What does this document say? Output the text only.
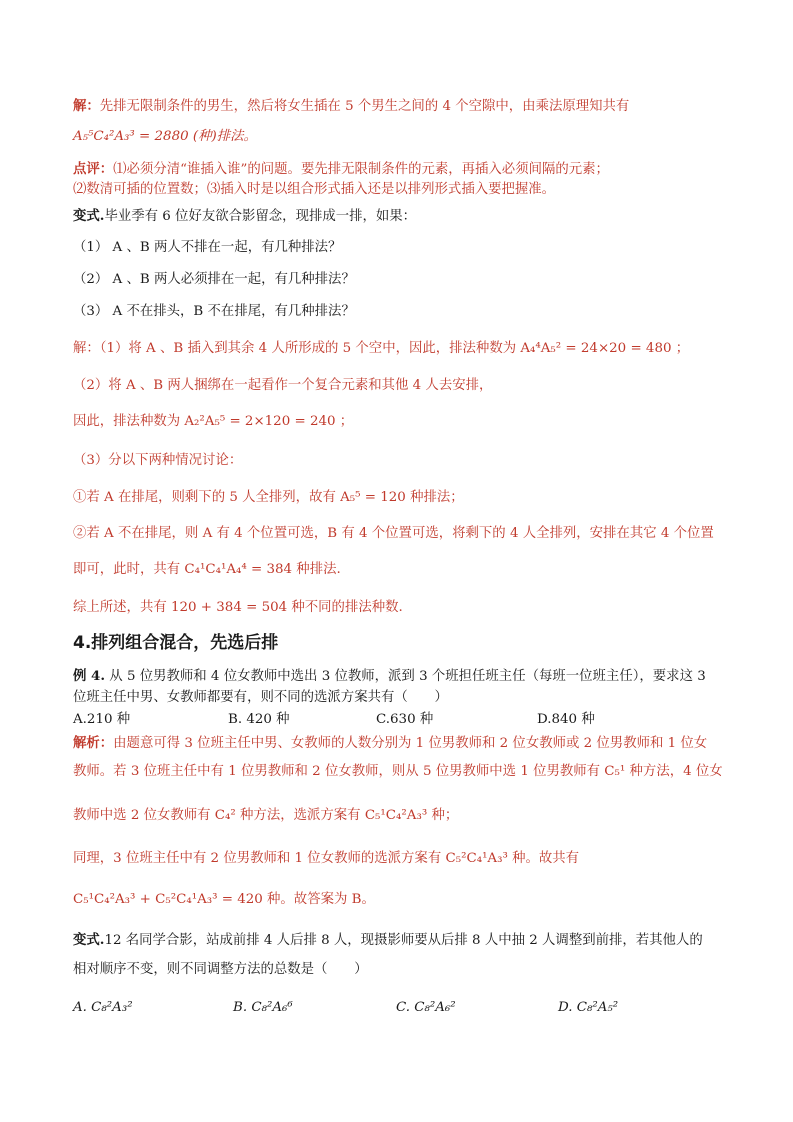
解：先排无限制条件的男生，然后将女生插在 5 个男生之间的 4 个空隙中，由乘法原理知共有
A₅⁵C₄²A₃³ = 2880 (种)排法。
点评：⑴必须分清“谁插入谁”的问题。要先排无限制条件的元素，再插入必须间隔的元素；
⑵数清可插的位置数；⑶插入时是以组合形式插入还是以排列形式插入要把握准。
变式.毕业季有 6 位好友欲合影留念，现排成一排，如果：
（1） A 、B 两人不排在一起，有几种排法？
（2） A 、B 两人必须排在一起，有几种排法？
（3） A 不在排头，B 不在排尾，有几种排法？
解：（1）将 A 、B 插入到其余 4 人所形成的 5 个空中，因此，排法种数为 A₄⁴A₅² = 24×20 = 480 ；
（2）将 A 、B 两人捆绑在一起看作一个复合元素和其他 4 人去安排，
因此，排法种数为 A₂²A₅⁵ = 2×120 = 240 ；
（3）分以下两种情况讨论：
①若 A 在排尾，则剩下的 5 人全排列，故有 A₅⁵ = 120 种排法；
②若 A 不在排尾，则 A 有 4 个位置可选，B 有 4 个位置可选，将剩下的 4 人全排列，安排在其它 4 个位置
即可，此时，共有 C₄¹C₄¹A₄⁴ = 384 种排法.
综上所述，共有 120 + 384 = 504 种不同的排法种数.
4.排列组合混合，先选后排
例 4. 从 5 位男教师和 4 位女教师中选出 3 位教师，派到 3 个班担任班主任（每班一位班主任），要求这 3
位班主任中男、女教师都要有，则不同的选派方案共有（　　）
A.210 种	B. 420 种	C.630 种	D.840 种
解析：由题意可得 3 位班主任中男、女教师的人数分别为 1 位男教师和 2 位女教师或 2 位男教师和 1 位女
教师。若 3 位班主任中有 1 位男教师和 2 位女教师，则从 5 位男教师中选 1 位男教师有 C₅¹ 种方法，4 位女
教师中选 2 位女教师有 C₄² 种方法，选派方案有 C₅¹C₄²A₃³ 种；
同理，3 位班主任中有 2 位男教师和 1 位女教师的选派方案有 C₅²C₄¹A₃³ 种。故共有
C₅¹C₄²A₃³ + C₅²C₄¹A₃³ = 420 种。故答案为 B。
变式.12 名同学合影，站成前排 4 人后排 8 人，现摄影师要从后排 8 人中抽 2 人调整到前排，若其他人的
相对顺序不变，则不同调整方法的总数是（　　）
A. C₈²A₃²	B. C₈²A₆⁶	C. C₈²A₆²	D. C₈²A₅²
